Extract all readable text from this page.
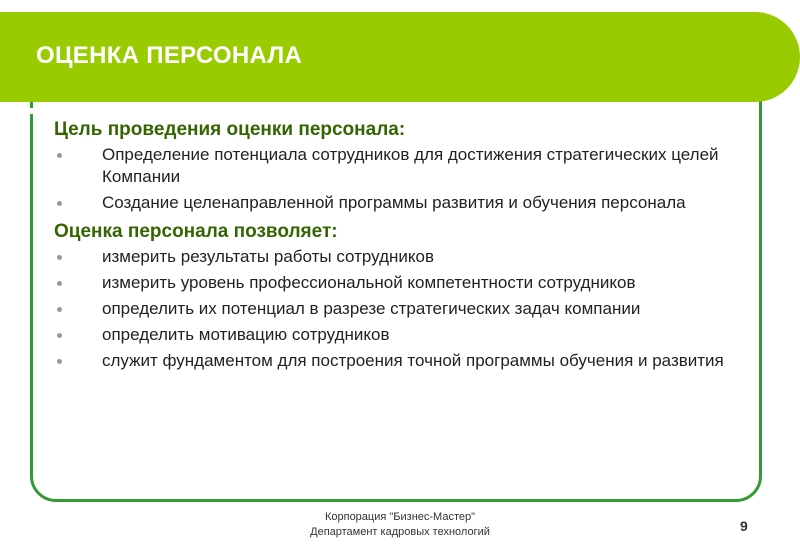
ОЦЕНКА ПЕРСОНАЛА

Цель проведения оценки персонала:

Определение потенциала сотрудников для достижения стратегических целей Компании
Создание целенаправленной программы развития и обучения персонала

Оценка персонала позволяет:

измерить результаты работы сотрудников
измерить уровень профессиональной компетентности сотрудников
определить их потенциал в разрезе стратегических задач компании
определить мотивацию сотрудников
служит фундаментом для построения точной программы обучения и развития
Корпорация "Бизнес-Мастер"
Департамент кадровых технологий	9
